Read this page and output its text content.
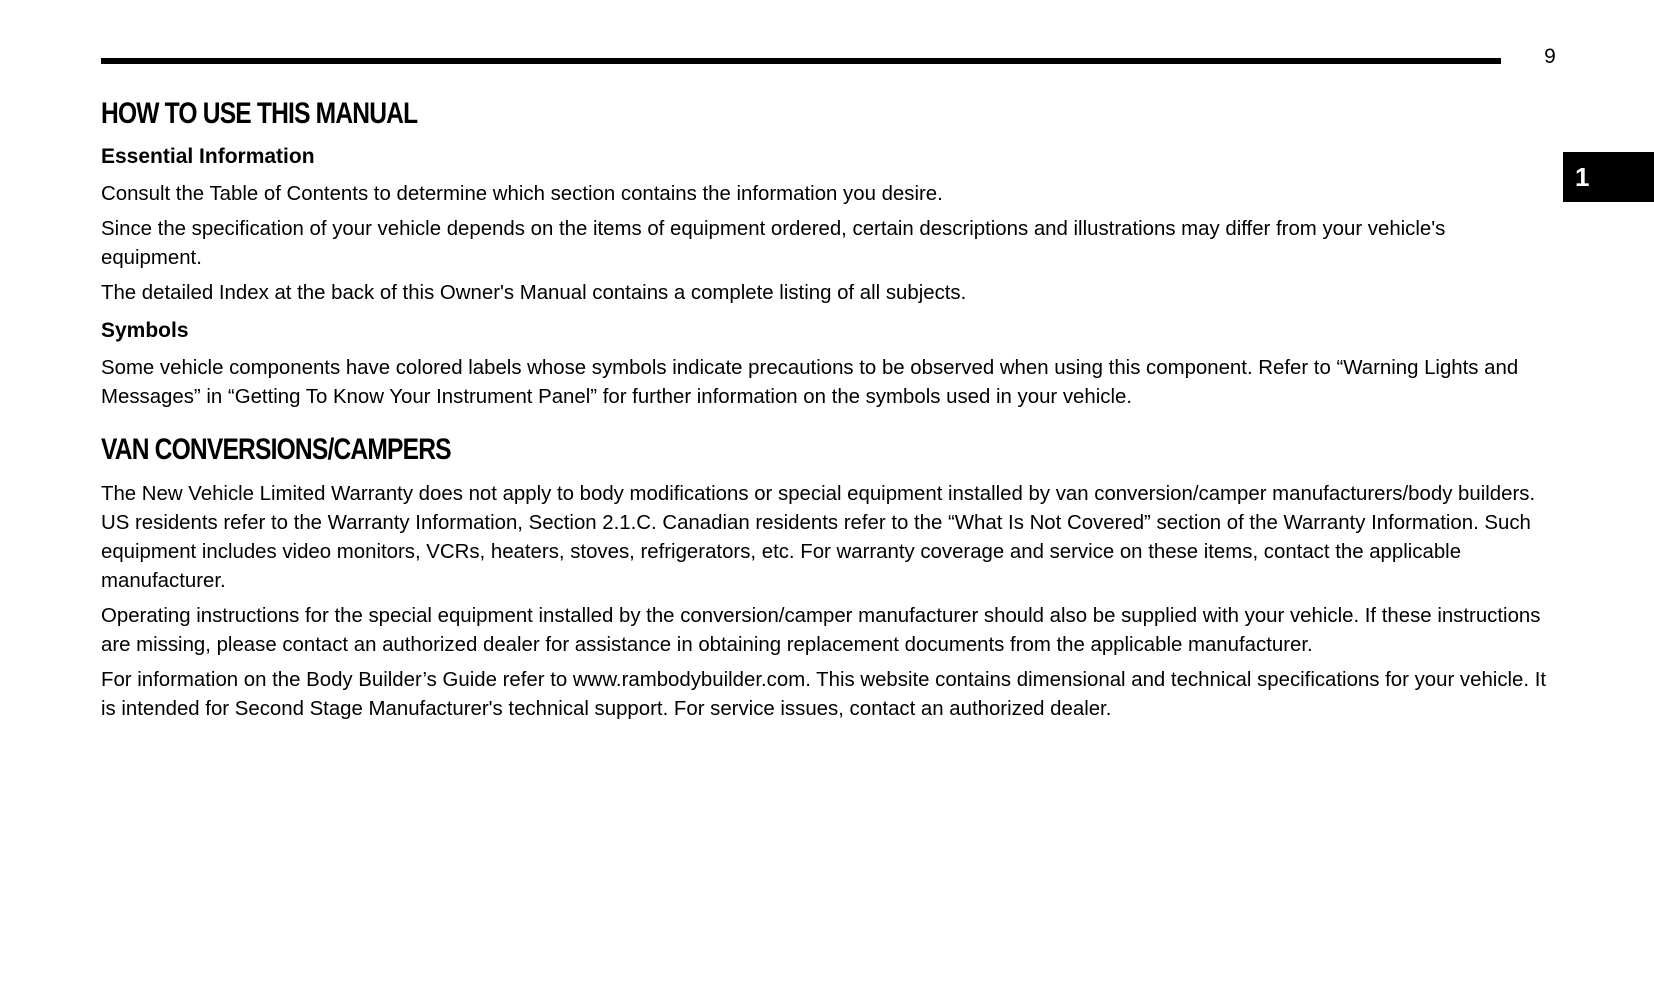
9
1
HOW TO USE THIS MANUAL
Essential Information

Consult the Table of Contents to determine which section contains the information you desire.

Since the specification of your vehicle depends on the items of equipment ordered, certain descriptions and illustrations may differ from your vehicle's equipment.

The detailed Index at the back of this Owner's Manual contains a complete listing of all subjects.

Symbols

Some vehicle components have colored labels whose symbols indicate precautions to be observed when using this component. Refer to “Warning Lights and Messages” in “Getting To Know Your Instrument Panel” for further information on the symbols used in your vehicle.

VAN CONVERSIONS/CAMPERS

The New Vehicle Limited Warranty does not apply to body modifications or special equipment installed by van conversion/camper manufacturers/body builders. US residents refer to the Warranty Information, Section 2.1.C. Canadian residents refer to the “What Is Not Covered” section of the Warranty Information. Such equipment includes video monitors, VCRs, heaters, stoves, refrigerators, etc. For warranty coverage and service on these items, contact the applicable manufacturer.

Operating instructions for the special equipment installed by the conversion/camper manufacturer should also be supplied with your vehicle. If these instructions are missing, please contact an authorized dealer for assistance in obtaining replacement documents from the applicable manufacturer.

For information on the Body Builder’s Guide refer to www.rambodybuilder.com. This website contains dimensional and technical specifications for your vehicle. It is intended for Second Stage Manufacturer's technical support. For service issues, contact an authorized dealer.
